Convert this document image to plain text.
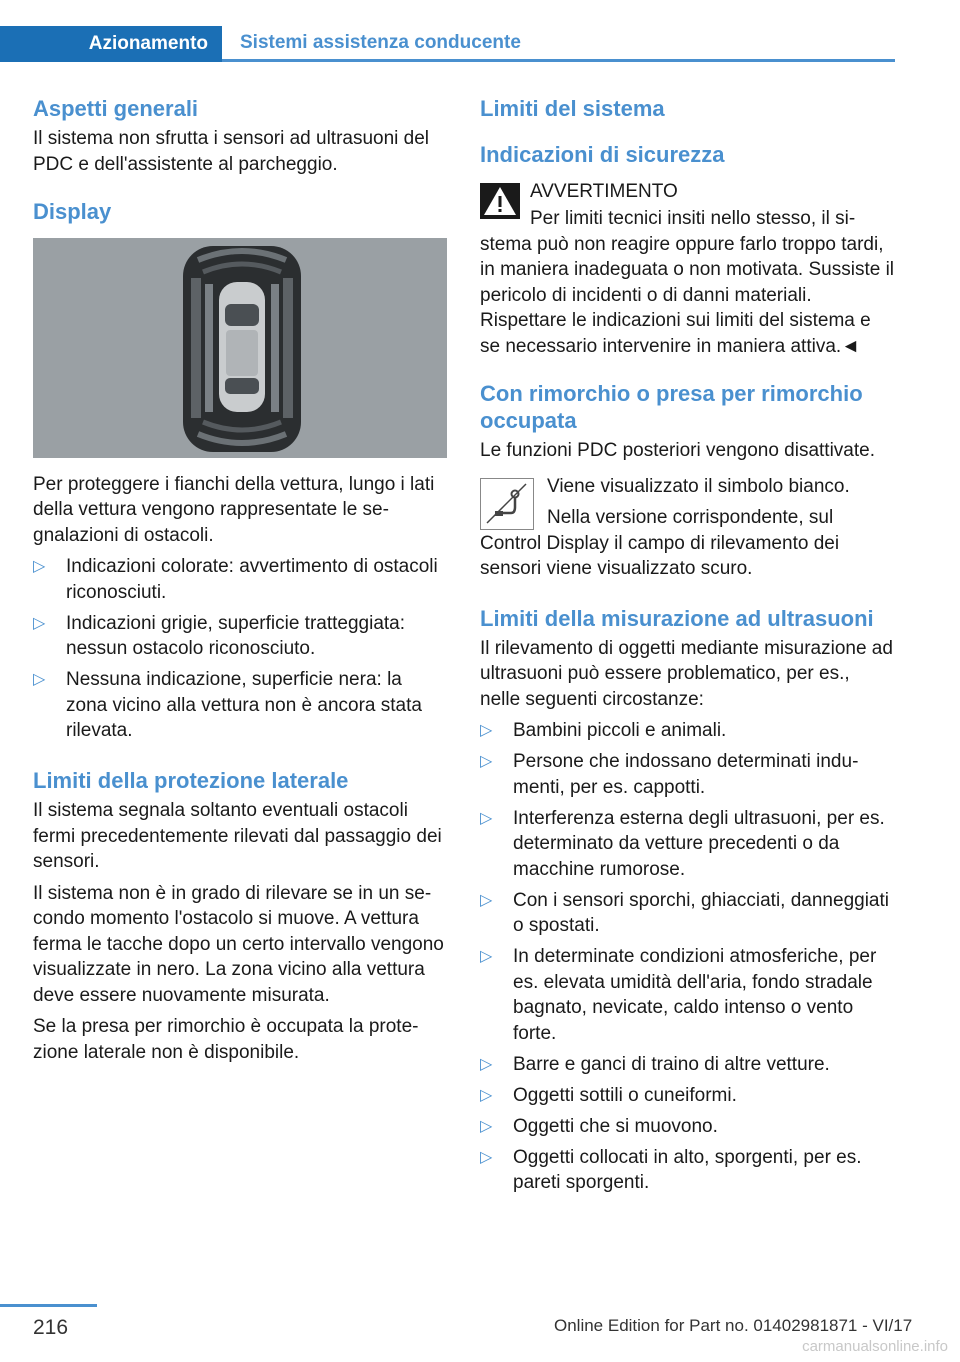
Azionamento	Sistemi assistenza conducente
Aspetti generali

Il sistema non sfrutta i sensori ad ultrasuoni del PDC e dell'assistente al parcheggio.

Display

Per proteggere i fianchi della vettura, lungo i lati della vettura vengono rappresentate le segnalazioni di ostacoli.

▷	Indicazioni colorate: avvertimento di ostacoli riconosciuti.
▷	Indicazioni grigie, superficie tratteggiata: nessun ostacolo riconosciuto.
▷	Nessuna indicazione, superficie nera: la zona vicino alla vettura non è ancora stata rilevata.
Limiti della protezione laterale

Il sistema segnala soltanto eventuali ostacoli fermi precedentemente rilevati dal passaggio dei sensori.

Il sistema non è in grado di rilevare se in un secondo momento l'ostacolo si muove. A vettura ferma le tacche dopo un certo intervallo vengono visualizzate in nero. La zona vicino alla vettura deve essere nuovamente misurata.

Se la presa per rimorchio è occupata la protezione laterale non è disponibile.

Limiti del sistema
Indicazioni di sicurezza

AVVERTIMENTO

Per limiti tecnici insiti nello stesso, il sistema può non reagire oppure farlo troppo tardi, in maniera inadeguata o non motivata. Sussiste il pericolo di incidenti o di danni materiali. Rispettare le indicazioni sui limiti del sistema e se necessario intervenire in maniera attiva.◄

Con rimorchio o presa per rimorchio occupata

Le funzioni PDC posteriori vengono disattivate.

Viene visualizzato il simbolo bianco.

Nella versione corrispondente, sul Control Display il campo di rilevamento dei sensori viene visualizzato scuro.

Limiti della misurazione ad ultrasuoni

Il rilevamento di oggetti mediante misurazione ad ultrasuoni può essere problematico, per es., nelle seguenti circostanze:

▷	Bambini piccoli e animali.
▷	Persone che indossano determinati indumenti, per es. cappotti.
▷	Interferenza esterna degli ultrasuoni, per es. determinato da vetture precedenti o da macchine rumorose.
▷	Con i sensori sporchi, ghiacciati, danneggiati o spostati.
▷	In determinate condizioni atmosferiche, per es. elevata umidità dell'aria, fondo stradale bagnato, nevicate, caldo intenso o vento forte.
▷	Barre e ganci di traino di altre vetture.
▷	Oggetti sottili o cuneiformi.
▷	Oggetti che si muovono.
▷	Oggetti collocati in alto, sporgenti, per es. pareti sporgenti.
216	Online Edition for Part no. 01402981871 - VI/17
carmanualsonline.info
